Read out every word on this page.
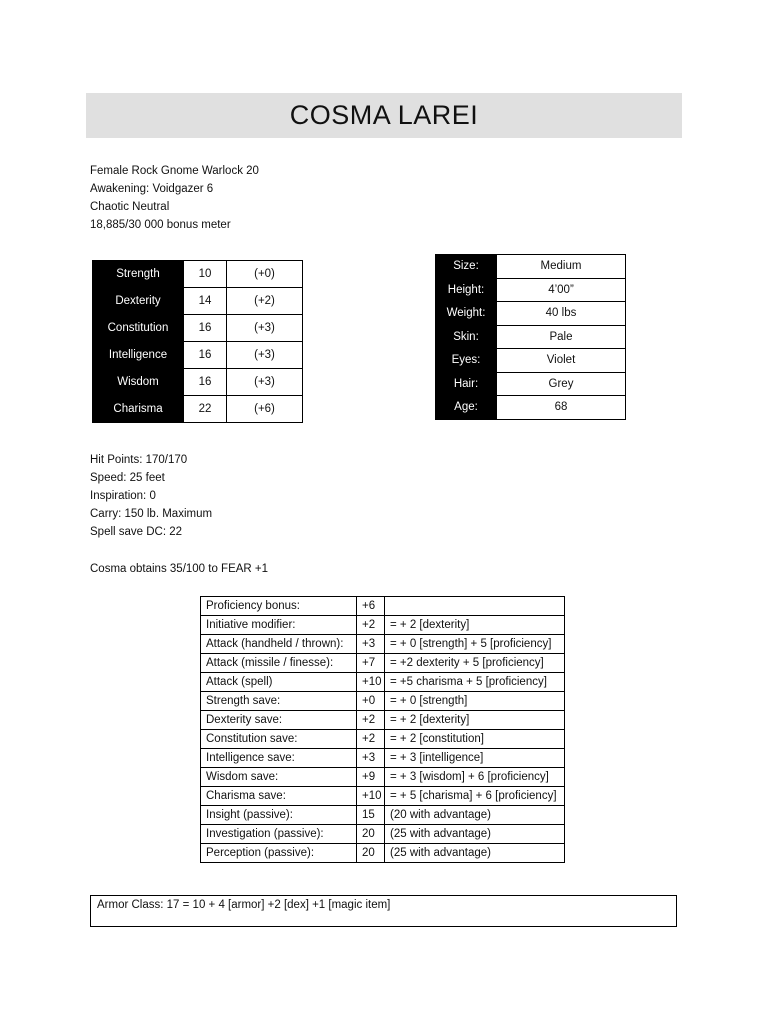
COSMA LAREI
Female Rock Gnome Warlock 20
Awakening: Voidgazer 6
Chaotic Neutral
18,885/30 000 bonus meter
Strength	10	(+0)
Dexterity	14	(+2)
Constitution	16	(+3)
Intelligence	16	(+3)
Wisdom	16	(+3)
Charisma	22	(+6)
Size:	Medium
Height:	4’00”
Weight:	40 lbs
Skin:	Pale
Eyes:	Violet
Hair:	Grey
Age:	68
Hit Points: 170/170
Speed: 25 feet
Inspiration: 0
Carry: 150 lb. Maximum
Spell save DC: 22
Cosma obtains 35/100 to FEAR +1
Proficiency bonus:	+6	
Initiative modifier:	+2	= + 2 [dexterity]
Attack (handheld / thrown):	+3	= + 0 [strength] + 5 [proficiency]
Attack (missile / finesse):	+7	= +2 dexterity + 5 [proficiency]
Attack (spell)	+10	= +5 charisma + 5 [proficiency]
Strength save:	+0	= + 0 [strength]
Dexterity save:	+2	= + 2 [dexterity]
Constitution save:	+2	= + 2 [constitution]
Intelligence save:	+3	= + 3 [intelligence]
Wisdom save:	+9	= + 3 [wisdom] + 6 [proficiency]
Charisma save:	+10	= + 5 [charisma] + 6 [proficiency]
Insight (passive):	15	(20 with advantage)
Investigation (passive):	20	(25 with advantage)
Perception (passive):	20	(25 with advantage)
Armor Class: 17 = 10 + 4 [armor] +2 [dex] +1 [magic item]
